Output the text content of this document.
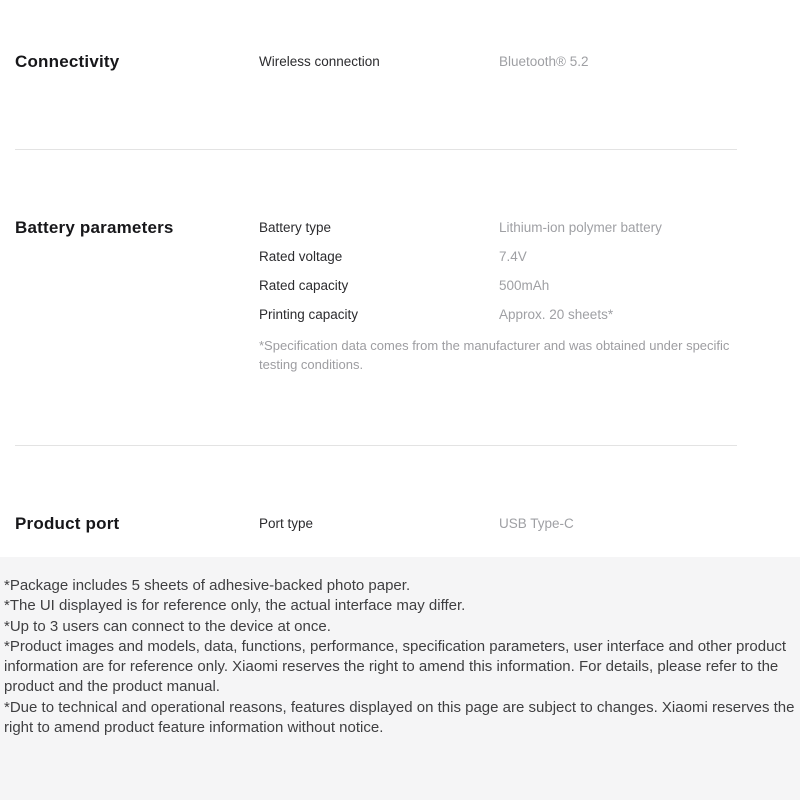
Connectivity	Wireless connection	Bluetooth® 5.2
Battery parameters	Battery type	Lithium-ion polymer battery
Rated voltage	7.4V
Rated capacity	500mAh
Printing capacity	Approx. 20 sheets*
*Specification data comes from the manufacturer and was obtained under specific testing conditions.
Product port	Port type	USB Type-C

*Package includes 5 sheets of adhesive-backed photo paper.

*The UI displayed is for reference only, the actual interface may differ.

*Up to 3 users can connect to the device at once.

*Product images and models, data, functions, performance, specification parameters, user interface and other product information are for reference only. Xiaomi reserves the right to amend this information. For details, please refer to the product and the product manual.

*Due to technical and operational reasons, features displayed on this page are subject to changes. Xiaomi reserves the right to amend product feature information without notice.
